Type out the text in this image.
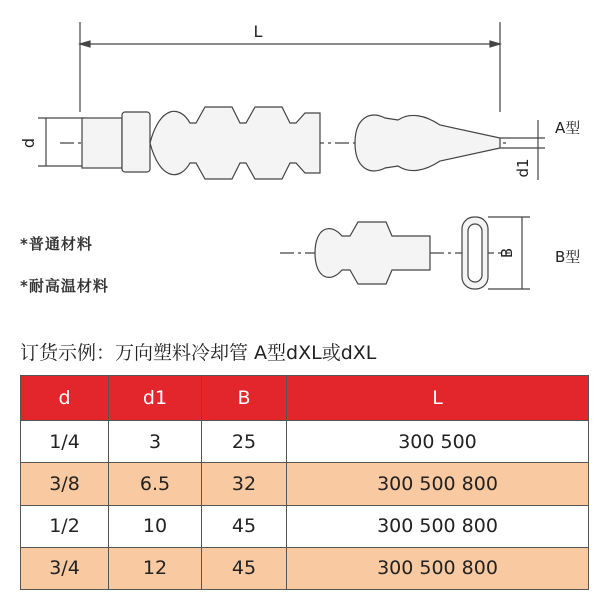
L
d
d1
B
A型
B型
*普通材料
*耐高温材料
订货示例：万向塑料冷却管 A型dXL或dXL
d	d1	B	L
1/4	3	25	300 500
3/8	6.5	32	300 500 800
1/2	10	45	300 500 800
3/4	12	45	300 500 800
